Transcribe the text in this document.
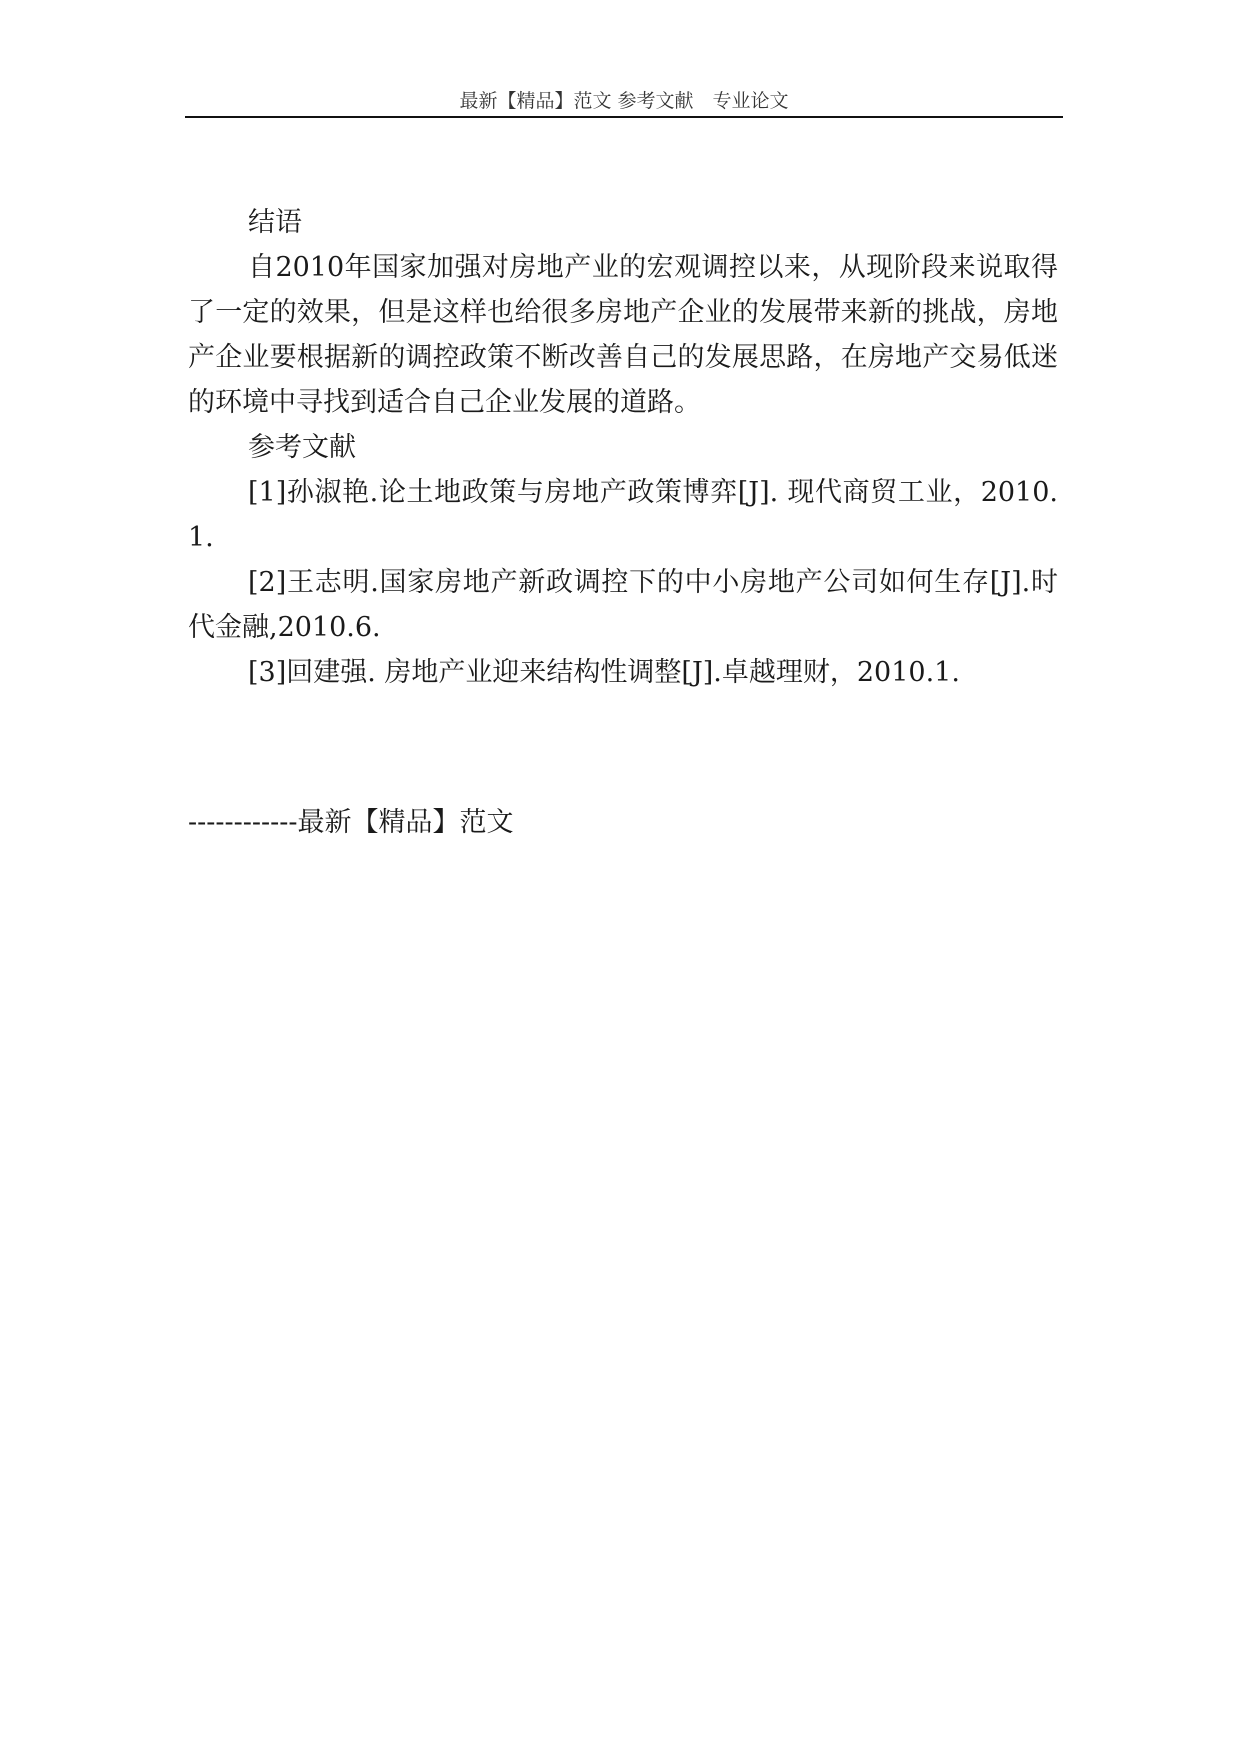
最新【精品】范文 参考文献　专业论文

结语

自2010年国家加强对房地产业的宏观调控以来，从现阶段来说取得了一定的效果，但是这样也给很多房地产企业的发展带来新的挑战，房地产企业要根据新的调控政策不断改善自己的发展思路，在房地产交易低迷的环境中寻找到适合自己企业发展的道路。

参考文献

[1]孙淑艳.论土地政策与房地产政策博弈[J]. 现代商贸工业，2010.1.

[2]王志明.国家房地产新政调控下的中小房地产公司如何生存[J].时代金融,2010.6.

[3]回建强. 房地产业迎来结构性调整[J].卓越理财，2010.1.

------------最新【精品】范文
